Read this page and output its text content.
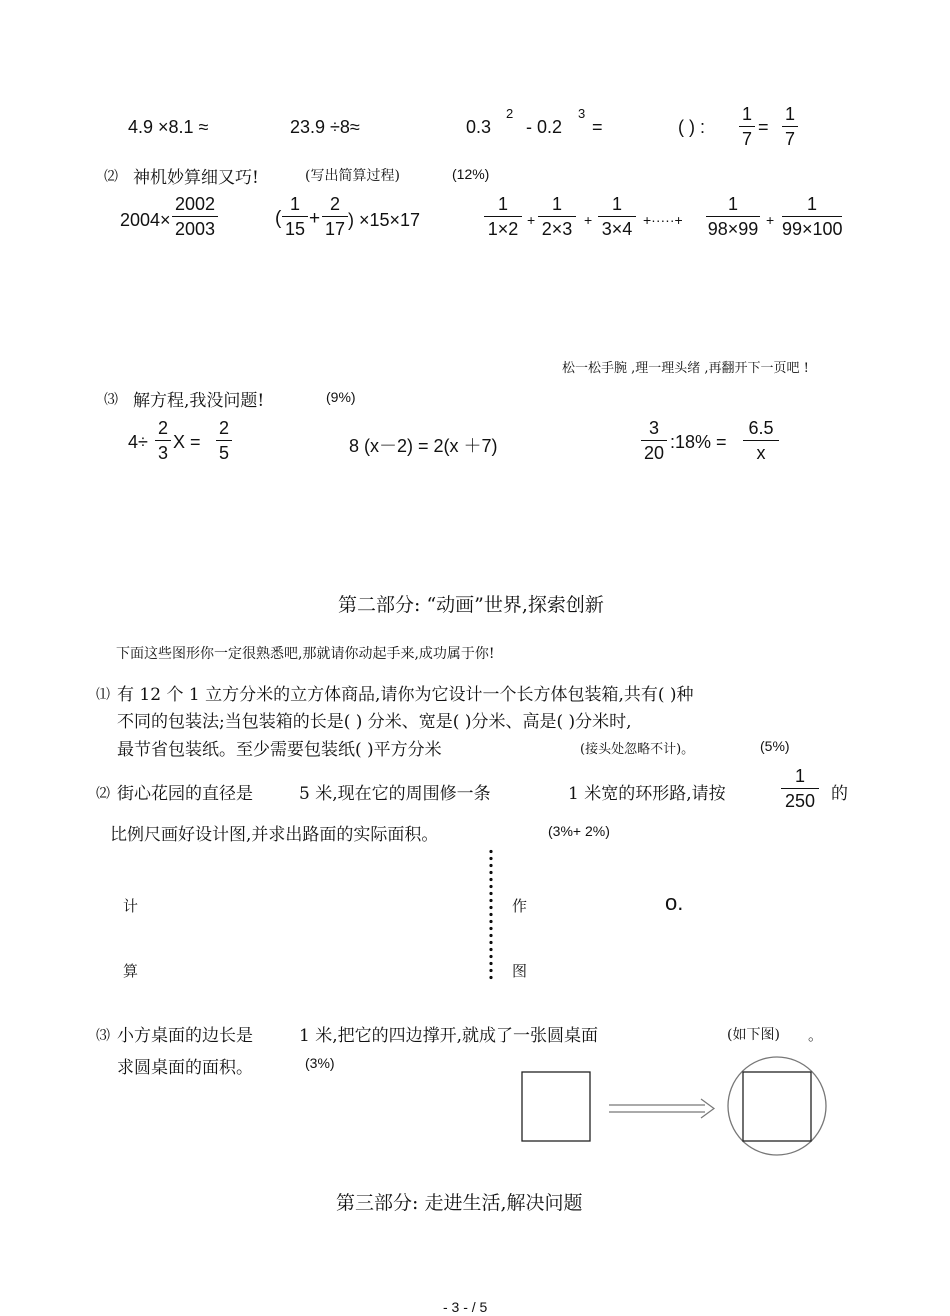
4.9 ×8.1 ≈	23.9 ÷8≈	0.3
2
- 0.2
3
=	( ) :
1
7
=
1
7
⑵ 神机妙算细又巧!	(写出简算过程)	(12%)
2004×
2002
2003	(
1
15 +
2
17 ) ×15×17
1
1×2 +
1
2×3 +
1
3×4 +·····+
1
98×99 +
1
99×100
松一松手腕 ,理一理头绪 ,再翻开下一页吧 !
⑶ 解方程,我没问题!	(9%)
4÷
2
3
X =
2
5	8 (x－2) = 2(x ＋7)
3
20
:18% =
6.5
x
第二部分: “动画”世界,探索创新
下面这些图形你一定很熟悉吧,那就请你动起手来,成功属于你!
⑴ 有 12 个 1 立方分米的立方体商品,请你为它设计一个长方体包装箱,共有( )种
不同的包装法;当包装箱的长是( ) 分米、宽是( )分米、高是( )分米时,
最节省包装纸。至少需要包装纸( )平方分米	(接头处忽略不计)。	(5%)
⑵ 街心花园的直径是	5 米,现在它的周围修一条	1 米宽的环形路,请按
1
250 的
比例尺画好设计图,并求出路面的实际面积。	(3%+ 2%)
计
算
作
图
o.
⑶ 小方桌面的边长是	1 米,把它的四边撑开,就成了一张圆桌面	(如下图) 。
求圆桌面的面积。	(3%)
第三部分: 走进生活,解决问题
- 3 - / 5
